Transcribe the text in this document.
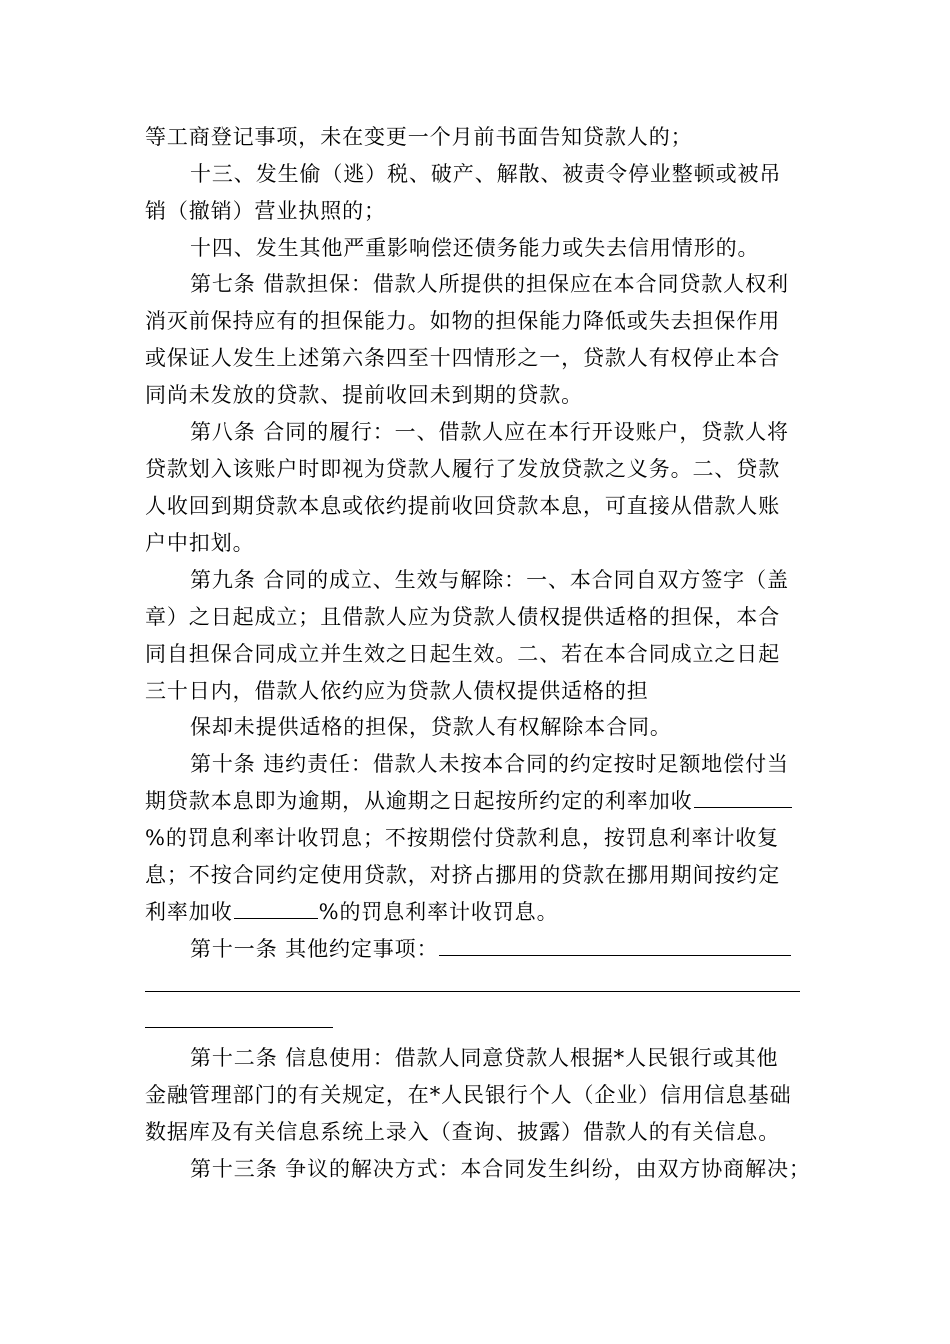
等工商登记事项，未在变更一个月前书面告知贷款人的；
十三、发生偷（逃）税、破产、解散、被责令停业整顿或被吊
销（撤销）营业执照的；
十四、发生其他严重影响偿还债务能力或失去信用情形的。
第七条 借款担保：借款人所提供的担保应在本合同贷款人权利
消灭前保持应有的担保能力。如物的担保能力降低或失去担保作用
或保证人发生上述第六条四至十四情形之一，贷款人有权停止本合
同尚未发放的贷款、提前收回未到期的贷款。
第八条 合同的履行：一、借款人应在本行开设账户，贷款人将
贷款划入该账户时即视为贷款人履行了发放贷款之义务。二、贷款
人收回到期贷款本息或依约提前收回贷款本息，可直接从借款人账
户中扣划。
第九条 合同的成立、生效与解除：一、本合同自双方签字（盖
章）之日起成立；且借款人应为贷款人债权提供适格的担保，本合
同自担保合同成立并生效之日起生效。二、若在本合同成立之日起
三十日内，借款人依约应为贷款人债权提供适格的担
保却未提供适格的担保，贷款人有权解除本合同。
第十条 违约责任：借款人未按本合同的约定按时足额地偿付当
期贷款本息即为逾期，从逾期之日起按所约定的利率加收
%的罚息利率计收罚息；不按期偿付贷款利息，按罚息利率计收复
息；不按合同约定使用贷款，对挤占挪用的贷款在挪用期间按约定
利率加收	%的罚息利率计收罚息。
第十一条 其他约定事项：
第十二条 信息使用：借款人同意贷款人根据*人民银行或其他
金融管理部门的有关规定，在*人民银行个人（企业）信用信息基础
数据库及有关信息系统上录入（查询、披露）借款人的有关信息。
第十三条 争议的解决方式：本合同发生纠纷，由双方协商解决；
